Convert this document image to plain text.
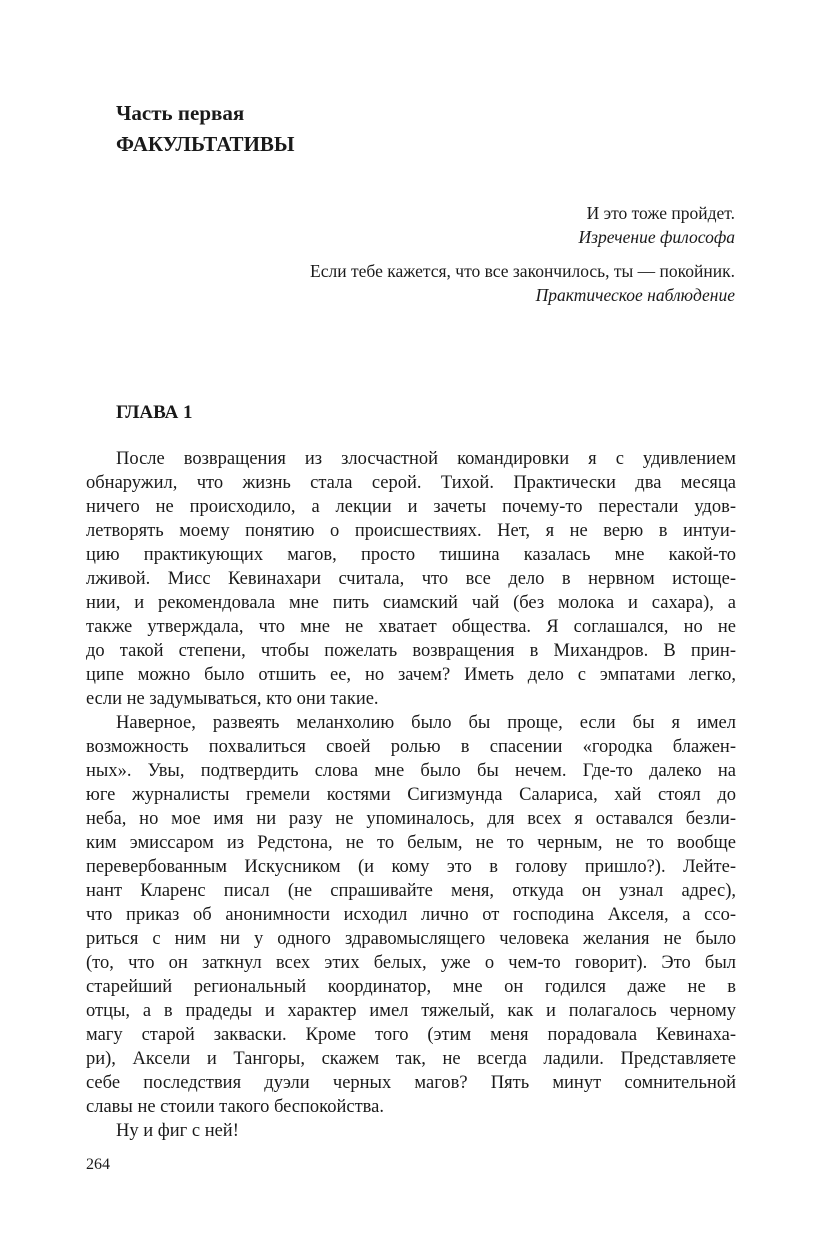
Часть первая
ФАКУЛЬТАТИВЫ
И это тоже пройдет.
Изречение философа
Если тебе кажется, что все закончилось, ты — покойник.
Практическое наблюдение
ГЛАВА 1
После возвращения из злосчастной командировки я с удивлением
обнаружил, что жизнь стала серой. Тихой. Практически два месяца
ничего не происходило, а лекции и зачеты почему-то перестали удов-
летворять моему понятию о происшествиях. Нет, я не верю в интуи-
цию практикующих магов, просто тишина казалась мне какой-то
лживой. Мисс Кевинахари считала, что все дело в нервном истоще-
нии, и рекомендовала мне пить сиамский чай (без молока и сахара), а
также утверждала, что мне не хватает общества. Я соглашался, но не
до такой степени, чтобы пожелать возвращения в Михандров. В прин-
ципе можно было отшить ее, но зачем? Иметь дело с эмпатами легко,
если не задумываться, кто они такие.
Наверное, развеять меланхолию было бы проще, если бы я имел
возможность похвалиться своей ролью в спасении «городка блажен-
ных». Увы, подтвердить слова мне было бы нечем. Где-то далеко на
юге журналисты гремели костями Сигизмунда Салариса, хай стоял до
неба, но мое имя ни разу не упоминалось, для всех я оставался безли-
ким эмиссаром из Редстона, не то белым, не то черным, не то вообще
перевербованным Искусником (и кому это в голову пришло?). Лейте-
нант Кларенс писал (не спрашивайте меня, откуда он узнал адрес),
что приказ об анонимности исходил лично от господина Акселя, а ссо-
риться с ним ни у одного здравомыслящего человека желания не было
(то, что он заткнул всех этих белых, уже о чем-то говорит). Это был
старейший региональный координатор, мне он годился даже не в
отцы, а в прадеды и характер имел тяжелый, как и полагалось черному
магу старой закваски. Кроме того (этим меня порадовала Кевинаха-
ри), Аксели и Тангоры, скажем так, не всегда ладили. Представляете
себе последствия дуэли черных магов? Пять минут сомнительной
славы не стоили такого беспокойства.
Ну и фиг с ней!
264
